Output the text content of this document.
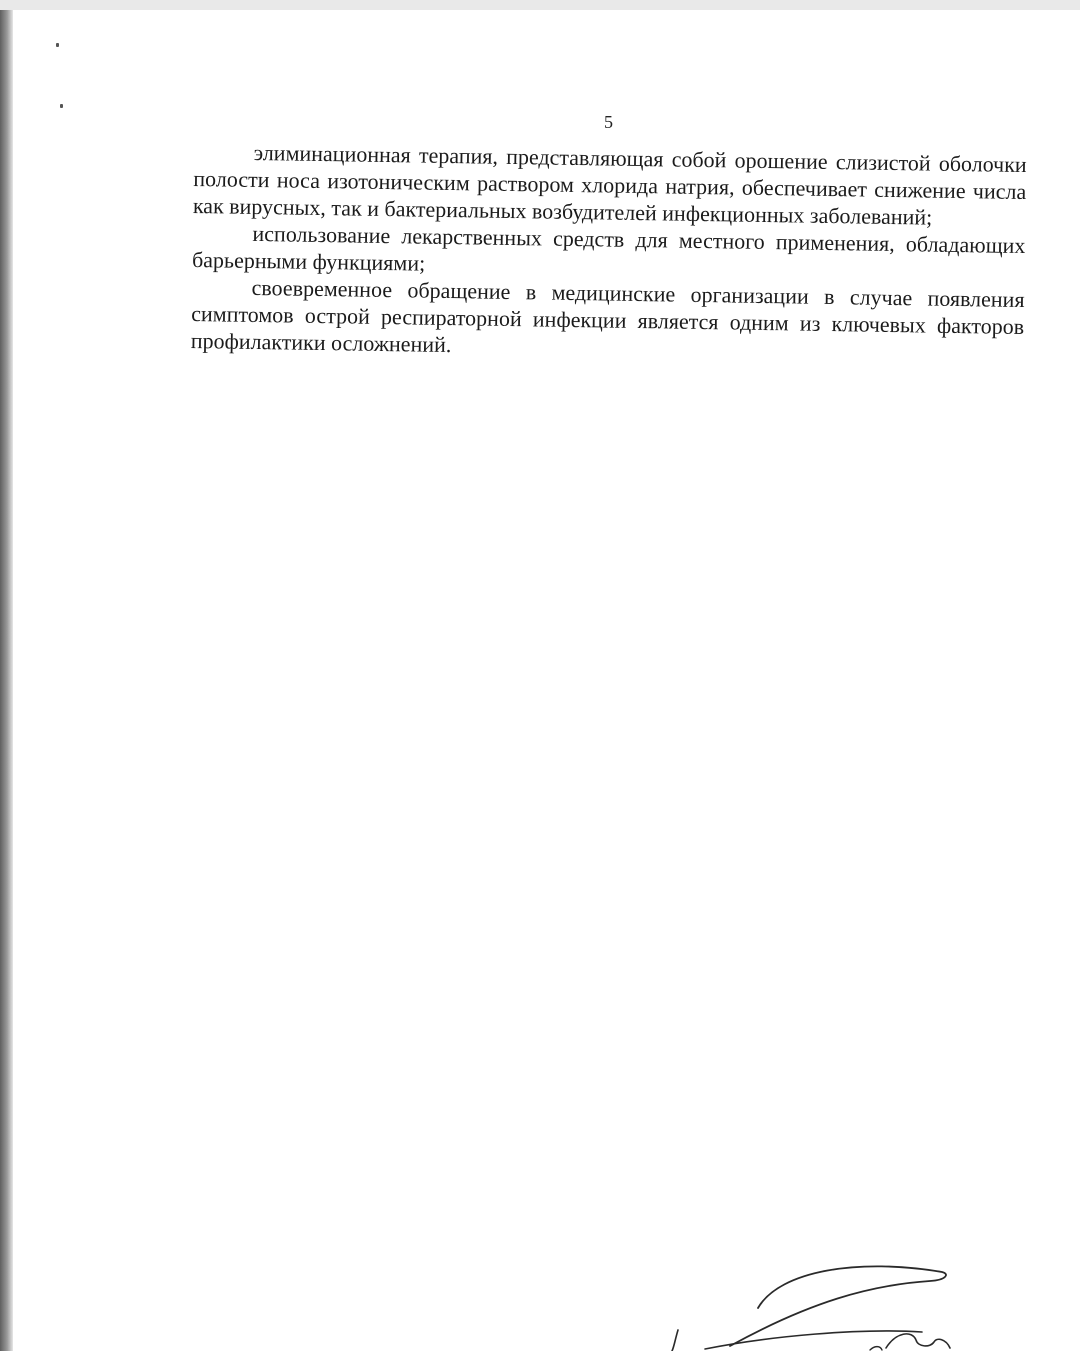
5

элиминационная терапия, представляющая собой орошение слизистой оболочки полости носа изотоническим раствором хлорида натрия, обеспечивает снижение числа как вирусных, так и бактериальных возбудителей инфекционных заболеваний;

использование лекарственных средств для местного применения, обладающих барьерными функциями;

своевременное обращение в медицинские организации в случае появления симптомов острой респираторной инфекции является одним из ключевых факторов профилактики осложнений.
